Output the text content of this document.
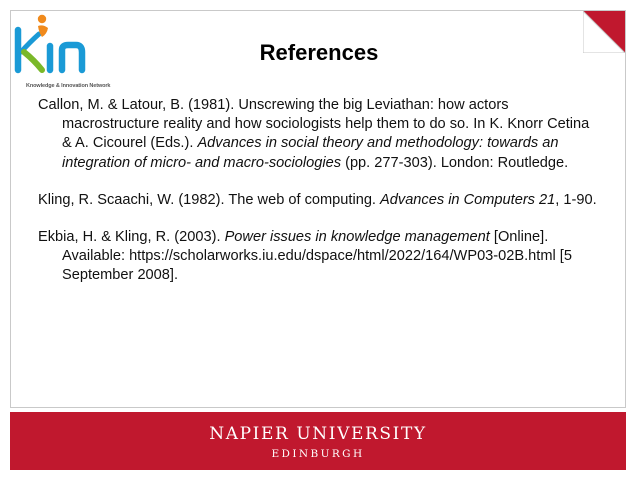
Knowledge & Innovation Network
References

Callon, M. & Latour, B. (1981). Unscrewing the big Leviathan: how actors macrostructure reality and how sociologists help them to do so. In K. Knorr Cetina & A. Cicourel (Eds.). Advances in social theory and methodology: towards an integration of micro- and macro-sociologies (pp. 277-303). London: Routledge.

Kling, R. Scaachi, W. (1982). The web of computing. Advances in Computers 21, 1-90.

Ekbia, H. & Kling, R. (2003). Power issues in knowledge management [Online]. Available: https://scholarworks.iu.edu/dspace/html/2022/164/WP03-02B.html [5 September 2008].

NAPIER UNIVERSITY
EDINBURGH
